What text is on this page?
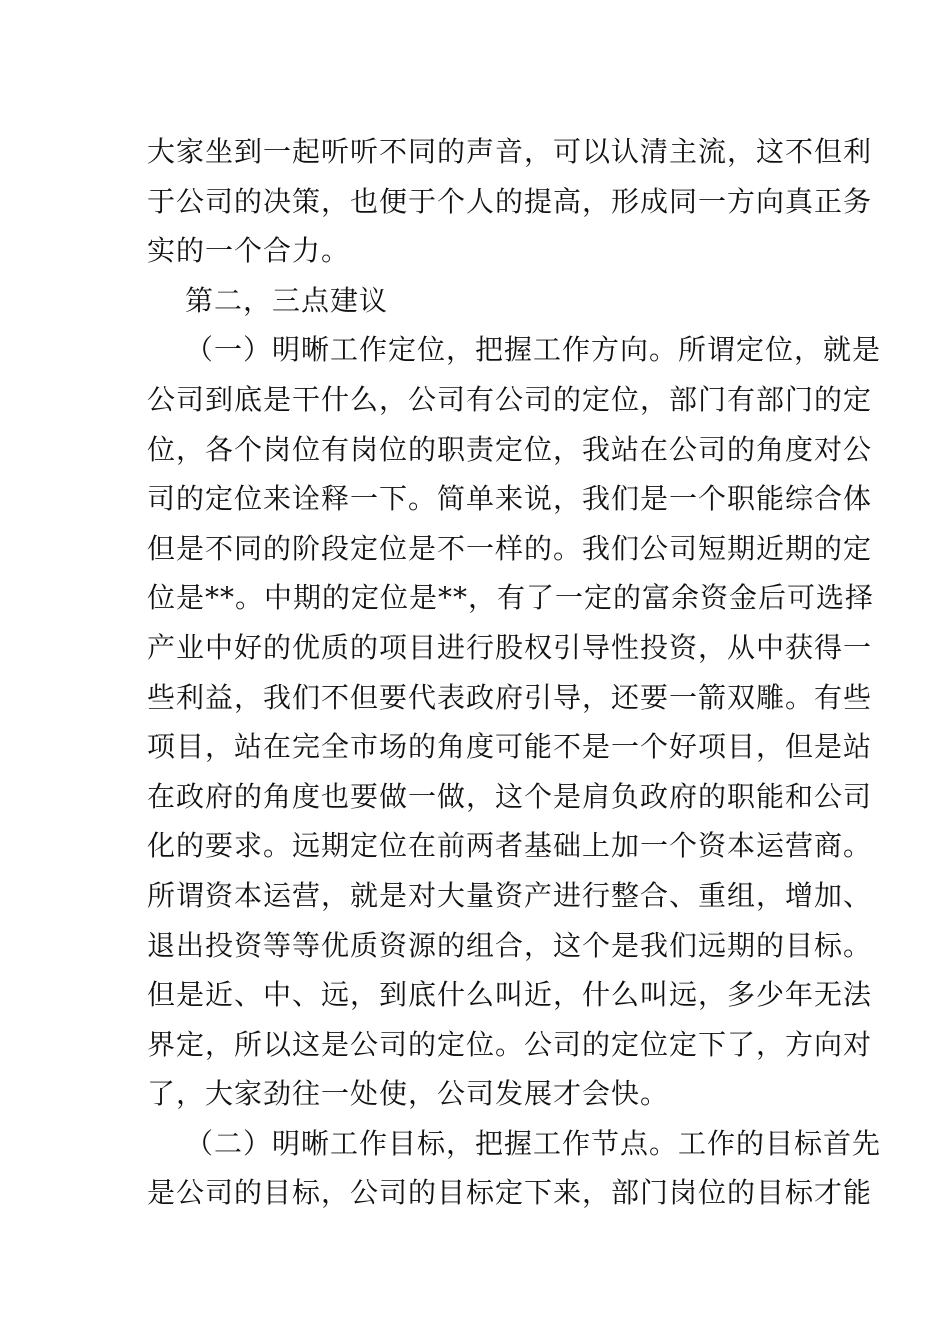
大家坐到一起听听不同的声音，可以认清主流，这不但利
于公司的决策，也便于个人的提高，形成同一方向真正务
实的一个合力。
第二，三点建议
（一）明晰工作定位，把握工作方向。所谓定位，就是
公司到底是干什么，公司有公司的定位，部门有部门的定
位，各个岗位有岗位的职责定位，我站在公司的角度对公
司的定位来诠释一下。简单来说，我们是一个职能综合体
但是不同的阶段定位是不一样的。我们公司短期近期的定
位是**。中期的定位是**，有了一定的富余资金后可选择
产业中好的优质的项目进行股权引导性投资，从中获得一
些利益，我们不但要代表政府引导，还要一箭双雕。有些
项目，站在完全市场的角度可能不是一个好项目，但是站
在政府的角度也要做一做，这个是肩负政府的职能和公司
化的要求。远期定位在前两者基础上加一个资本运营商。
所谓资本运营，就是对大量资产进行整合、重组，增加、
退出投资等等优质资源的组合，这个是我们远期的目标。
但是近、中、远，到底什么叫近，什么叫远，多少年无法
界定，所以这是公司的定位。公司的定位定下了，方向对
了，大家劲往一处使，公司发展才会快。
（二）明晰工作目标，把握工作节点。工作的目标首先
是公司的目标，公司的目标定下来，部门岗位的目标才能
